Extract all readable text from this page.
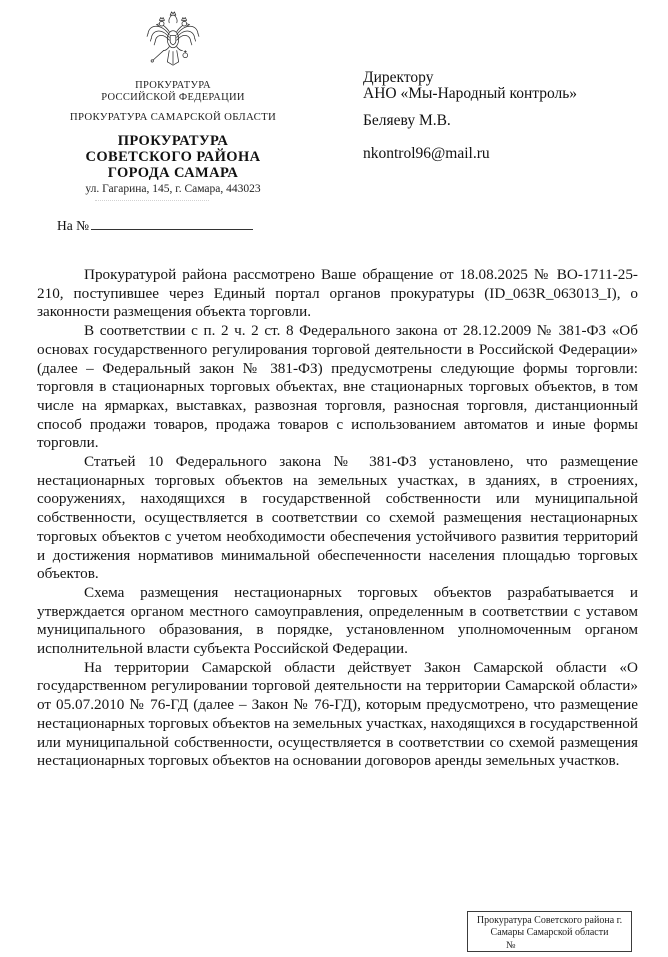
ПРОКУРАТУРА
РОССИЙСКОЙ ФЕДЕРАЦИИ
ПРОКУРАТУРА САМАРСКОЙ ОБЛАСТИ
ПРОКУРАТУРА
СОВЕТСКОГО РАЙОНА
ГОРОДА САМАРА
ул. Гагарина, 145, г. Самара, 443023
Директору
АНО «Мы-Народный контроль»
Беляеву М.В.
nkontrol96@mail.ru
На №

Прокуратурой района рассмотрено Ваше обращение от 18.08.2025 № ВО-1711-25-210, поступившее через Единый портал органов прокуратуры (ID_063R_063013_I), о законности размещения объекта торговли.

В соответствии с п. 2 ч. 2 ст. 8 Федерального закона от 28.12.2009 № 381-ФЗ «Об основах государственного регулирования торговой деятельности в Российской Федерации» (далее – Федеральный закон № 381-ФЗ) предусмотрены следующие формы торговли: торговля в стационарных торговых объектах, вне стационарных торговых объектов, в том числе на ярмарках, выставках, развозная торговля, разносная торговля, дистанционный способ продажи товаров, продажа товаров с использованием автоматов и иные формы торговли.

Статьей 10 Федерального закона № 381-ФЗ установлено, что размещение нестационарных торговых объектов на земельных участках, в зданиях, в строениях, сооружениях, находящихся в государственной собственности или муниципальной собственности, осуществляется в соответствии со схемой размещения нестационарных торговых объектов с учетом необходимости обеспечения устойчивого развития территорий и достижения нормативов минимальной обеспеченности населения площадью торговых объектов.

Схема размещения нестационарных торговых объектов разрабатывается и утверждается органом местного самоуправления, определенным в соответствии с уставом муниципального образования, в порядке, установленном уполномоченным органом исполнительной власти субъекта Российской Федерации.

На территории Самарской области действует Закон Самарской области «О государственном регулировании торговой деятельности на территории Самарской области» от 05.07.2010 № 76-ГД (далее – Закон № 76-ГД), которым предусмотрено, что размещение нестационарных торговых объектов на земельных участках, находящихся в государственной или муниципальной собственности, осуществляется в соответствии со схемой размещения нестационарных торговых объектов на основании договоров аренды земельных участков.

Прокуратура Советского района г.
Самары Самарской области
№
